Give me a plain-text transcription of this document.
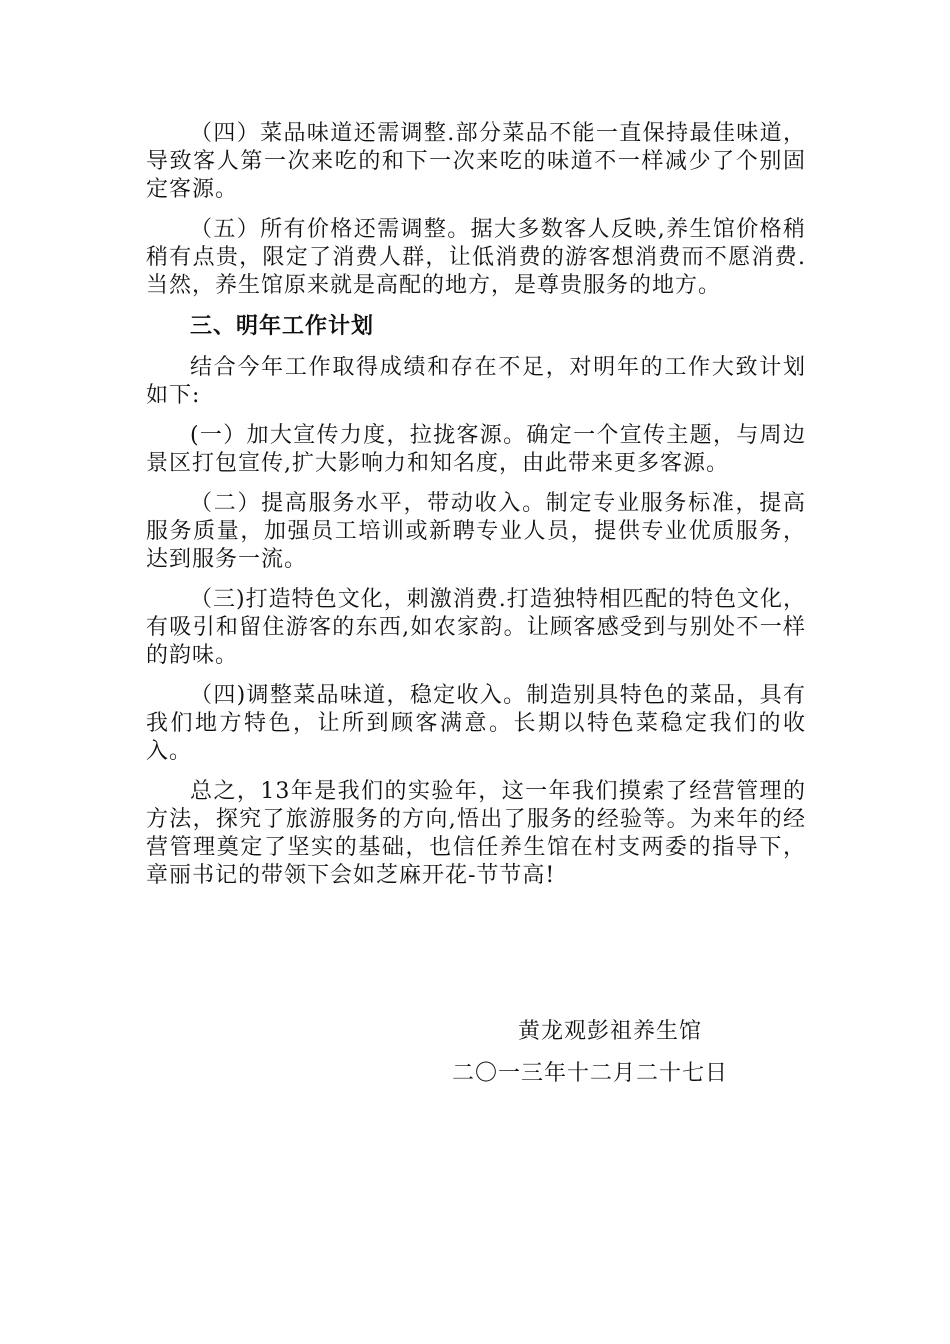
（四）菜品味道还需调整.部分菜品不能一直保持最佳味道，导致客人第一次来吃的和下一次来吃的味道不一样减少了个别固定客源。

（五）所有价格还需调整。据大多数客人反映,养生馆价格稍稍有点贵，限定了消费人群，让低消费的游客想消费而不愿消费.当然，养生馆原来就是高配的地方，是尊贵服务的地方。

三、明年工作计划

结合今年工作取得成绩和存在不足，对明年的工作大致计划如下:

(一）加大宣传力度，拉拢客源。确定一个宣传主题，与周边景区打包宣传,扩大影响力和知名度，由此带来更多客源。

（二）提高服务水平，带动收入。制定专业服务标准，提高服务质量，加强员工培训或新聘专业人员，提供专业优质服务，达到服务一流。

（三)打造特色文化，刺激消费.打造独特相匹配的特色文化，有吸引和留住游客的东西,如农家韵。让顾客感受到与别处不一样的韵味。

（四)调整菜品味道，稳定收入。制造别具特色的菜品，具有我们地方特色，让所到顾客满意。长期以特色菜稳定我们的收入。

总之，13年是我们的实验年，这一年我们摸索了经营管理的方法，探究了旅游服务的方向,悟出了服务的经验等。为来年的经营管理奠定了坚实的基础，也信任养生馆在村支两委的指导下，章丽书记的带领下会如芝麻开花-节节高!

黄龙观彭祖养生馆
二〇一三年十二月二十七日
